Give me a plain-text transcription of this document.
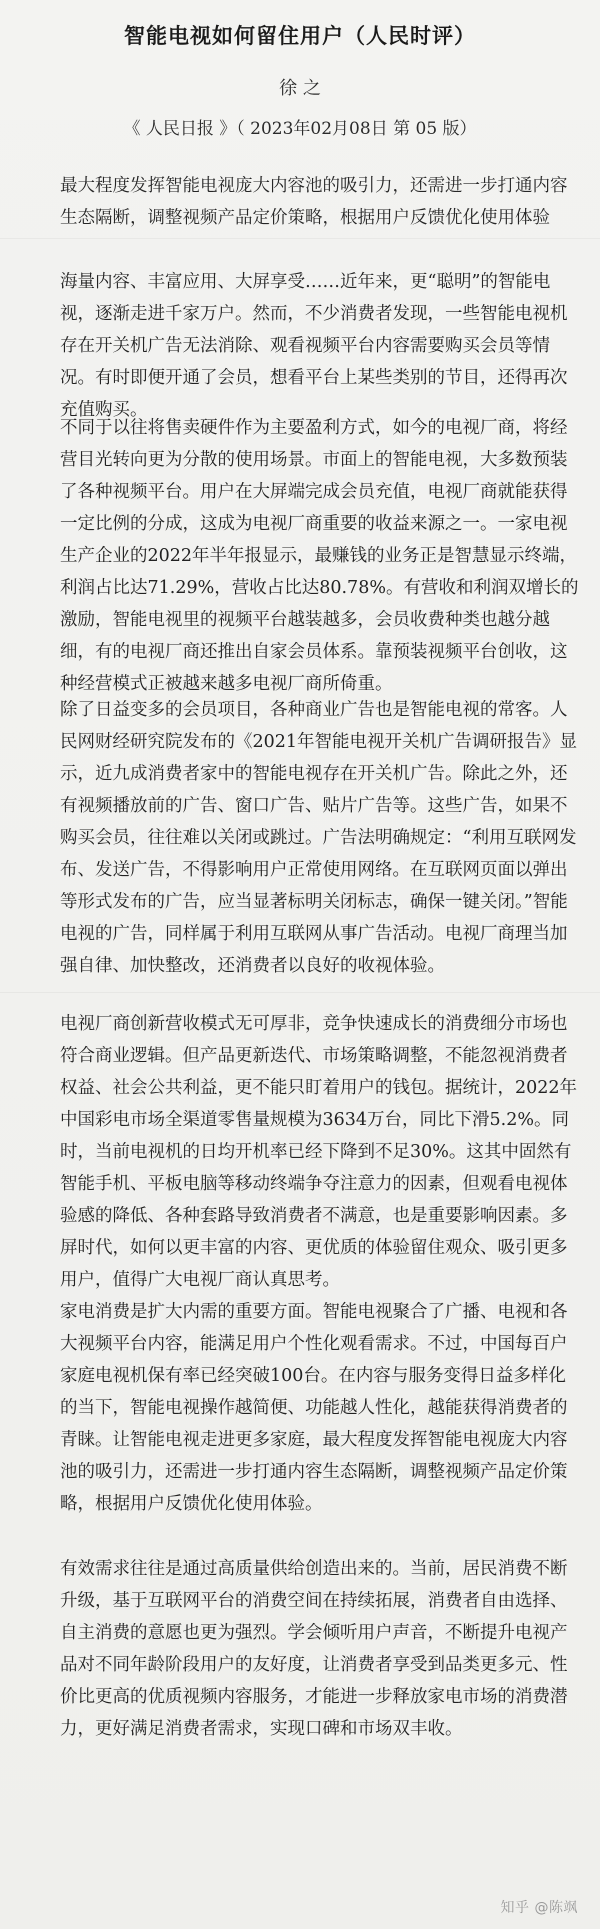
智能电视如何留住用户（人民时评）
徐 之
《 人民日报 》（ 2023年02月08日 第 05 版）
最大程度发挥智能电视庞大内容池的吸引力，还需进一步打通内容生态隔断，调整视频产品定价策略，根据用户反馈优化使用体验

海量内容、丰富应用、大屏享受……近年来，更“聪明”的智能电视，逐渐走进千家万户。然而，不少消费者发现，一些智能电视机存在开关机广告无法消除、观看视频平台内容需要购买会员等情况。有时即便开通了会员，想看平台上某些类别的节目，还得再次充值购买。

不同于以往将售卖硬件作为主要盈利方式，如今的电视厂商，将经营目光转向更为分散的使用场景。市面上的智能电视，大多数预装了各种视频平台。用户在大屏端完成会员充值，电视厂商就能获得一定比例的分成，这成为电视厂商重要的收益来源之一。一家电视生产企业的2022年半年报显示，最赚钱的业务正是智慧显示终端，利润占比达71.29%，营收占比达80.78%。有营收和利润双增长的激励，智能电视里的视频平台越装越多，会员收费种类也越分越细，有的电视厂商还推出自家会员体系。靠预装视频平台创收，这种经营模式正被越来越多电视厂商所倚重。

除了日益变多的会员项目，各种商业广告也是智能电视的常客。人民网财经研究院发布的《2021年智能电视开关机广告调研报告》显示，近九成消费者家中的智能电视存在开关机广告。除此之外，还有视频播放前的广告、窗口广告、贴片广告等。这些广告，如果不购买会员，往往难以关闭或跳过。广告法明确规定：“利用互联网发布、发送广告，不得影响用户正常使用网络。在互联网页面以弹出等形式发布的广告，应当显著标明关闭标志，确保一键关闭。”智能电视的广告，同样属于利用互联网从事广告活动。电视厂商理当加强自律、加快整改，还消费者以良好的收视体验。

电视厂商创新营收模式无可厚非，竞争快速成长的消费细分市场也符合商业逻辑。但产品更新迭代、市场策略调整，不能忽视消费者权益、社会公共利益，更不能只盯着用户的钱包。据统计，2022年中国彩电市场全渠道零售量规模为3634万台，同比下滑5.2%。同时，当前电视机的日均开机率已经下降到不足30%。这其中固然有智能手机、平板电脑等移动终端争夺注意力的因素，但观看电视体验感的降低、各种套路导致消费者不满意，也是重要影响因素。多屏时代，如何以更丰富的内容、更优质的体验留住观众、吸引更多用户，值得广大电视厂商认真思考。

家电消费是扩大内需的重要方面。智能电视聚合了广播、电视和各大视频平台内容，能满足用户个性化观看需求。不过，中国每百户家庭电视机保有率已经突破100台。在内容与服务变得日益多样化的当下，智能电视操作越简便、功能越人性化，越能获得消费者的青睐。让智能电视走进更多家庭，最大程度发挥智能电视庞大内容池的吸引力，还需进一步打通内容生态隔断，调整视频产品定价策略，根据用户反馈优化使用体验。

有效需求往往是通过高质量供给创造出来的。当前，居民消费不断升级，基于互联网平台的消费空间在持续拓展，消费者自由选择、自主消费的意愿也更为强烈。学会倾听用户声音，不断提升电视产品对不同年龄阶段用户的友好度，让消费者享受到品类更多元、性价比更高的优质视频内容服务，才能进一步释放家电市场的消费潜力，更好满足消费者需求，实现口碑和市场双丰收。

知乎 @陈飒
